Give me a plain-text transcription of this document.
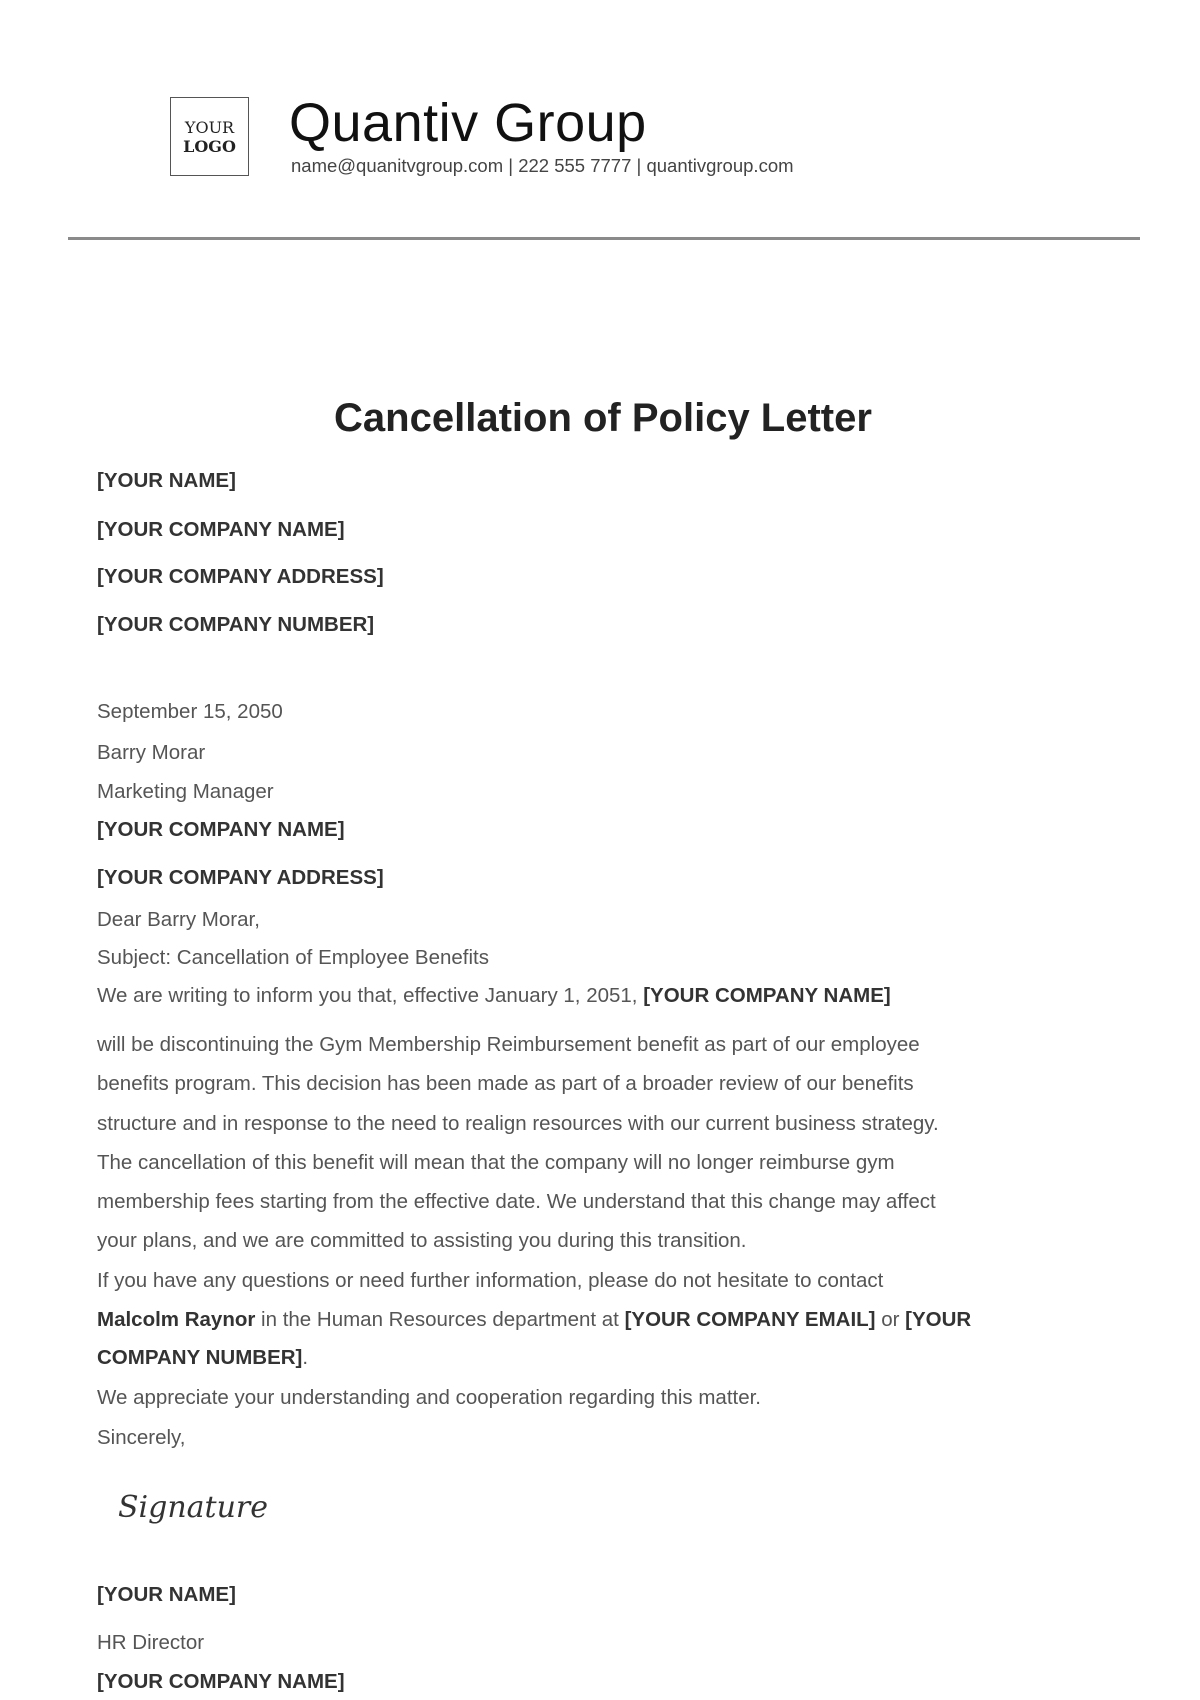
YOUR
LOGO Quantiv Group
name@quanitvgroup.com | 222 555 7777 | quantivgroup.com
Cancellation of Policy Letter
[YOUR NAME]
[YOUR COMPANY NAME]
[YOUR COMPANY ADDRESS]
[YOUR COMPANY NUMBER]
September 15, 2050
Barry Morar
Marketing Manager
[YOUR COMPANY NAME]
[YOUR COMPANY ADDRESS]
Dear Barry Morar,
Subject: Cancellation of Employee Benefits
We are writing to inform you that, effective January 1, 2051, [YOUR COMPANY NAME]
will be discontinuing the Gym Membership Reimbursement benefit as part of our employee
benefits program. This decision has been made as part of a broader review of our benefits
structure and in response to the need to realign resources with our current business strategy.
The cancellation of this benefit will mean that the company will no longer reimburse gym
membership fees starting from the effective date. We understand that this change may affect
your plans, and we are committed to assisting you during this transition.
If you have any questions or need further information, please do not hesitate to contact
Malcolm Raynor in the Human Resources department at [YOUR COMPANY EMAIL] or [YOUR
COMPANY NUMBER].
We appreciate your understanding and cooperation regarding this matter.
Sincerely,
Signature
[YOUR NAME]
HR Director
[YOUR COMPANY NAME]
